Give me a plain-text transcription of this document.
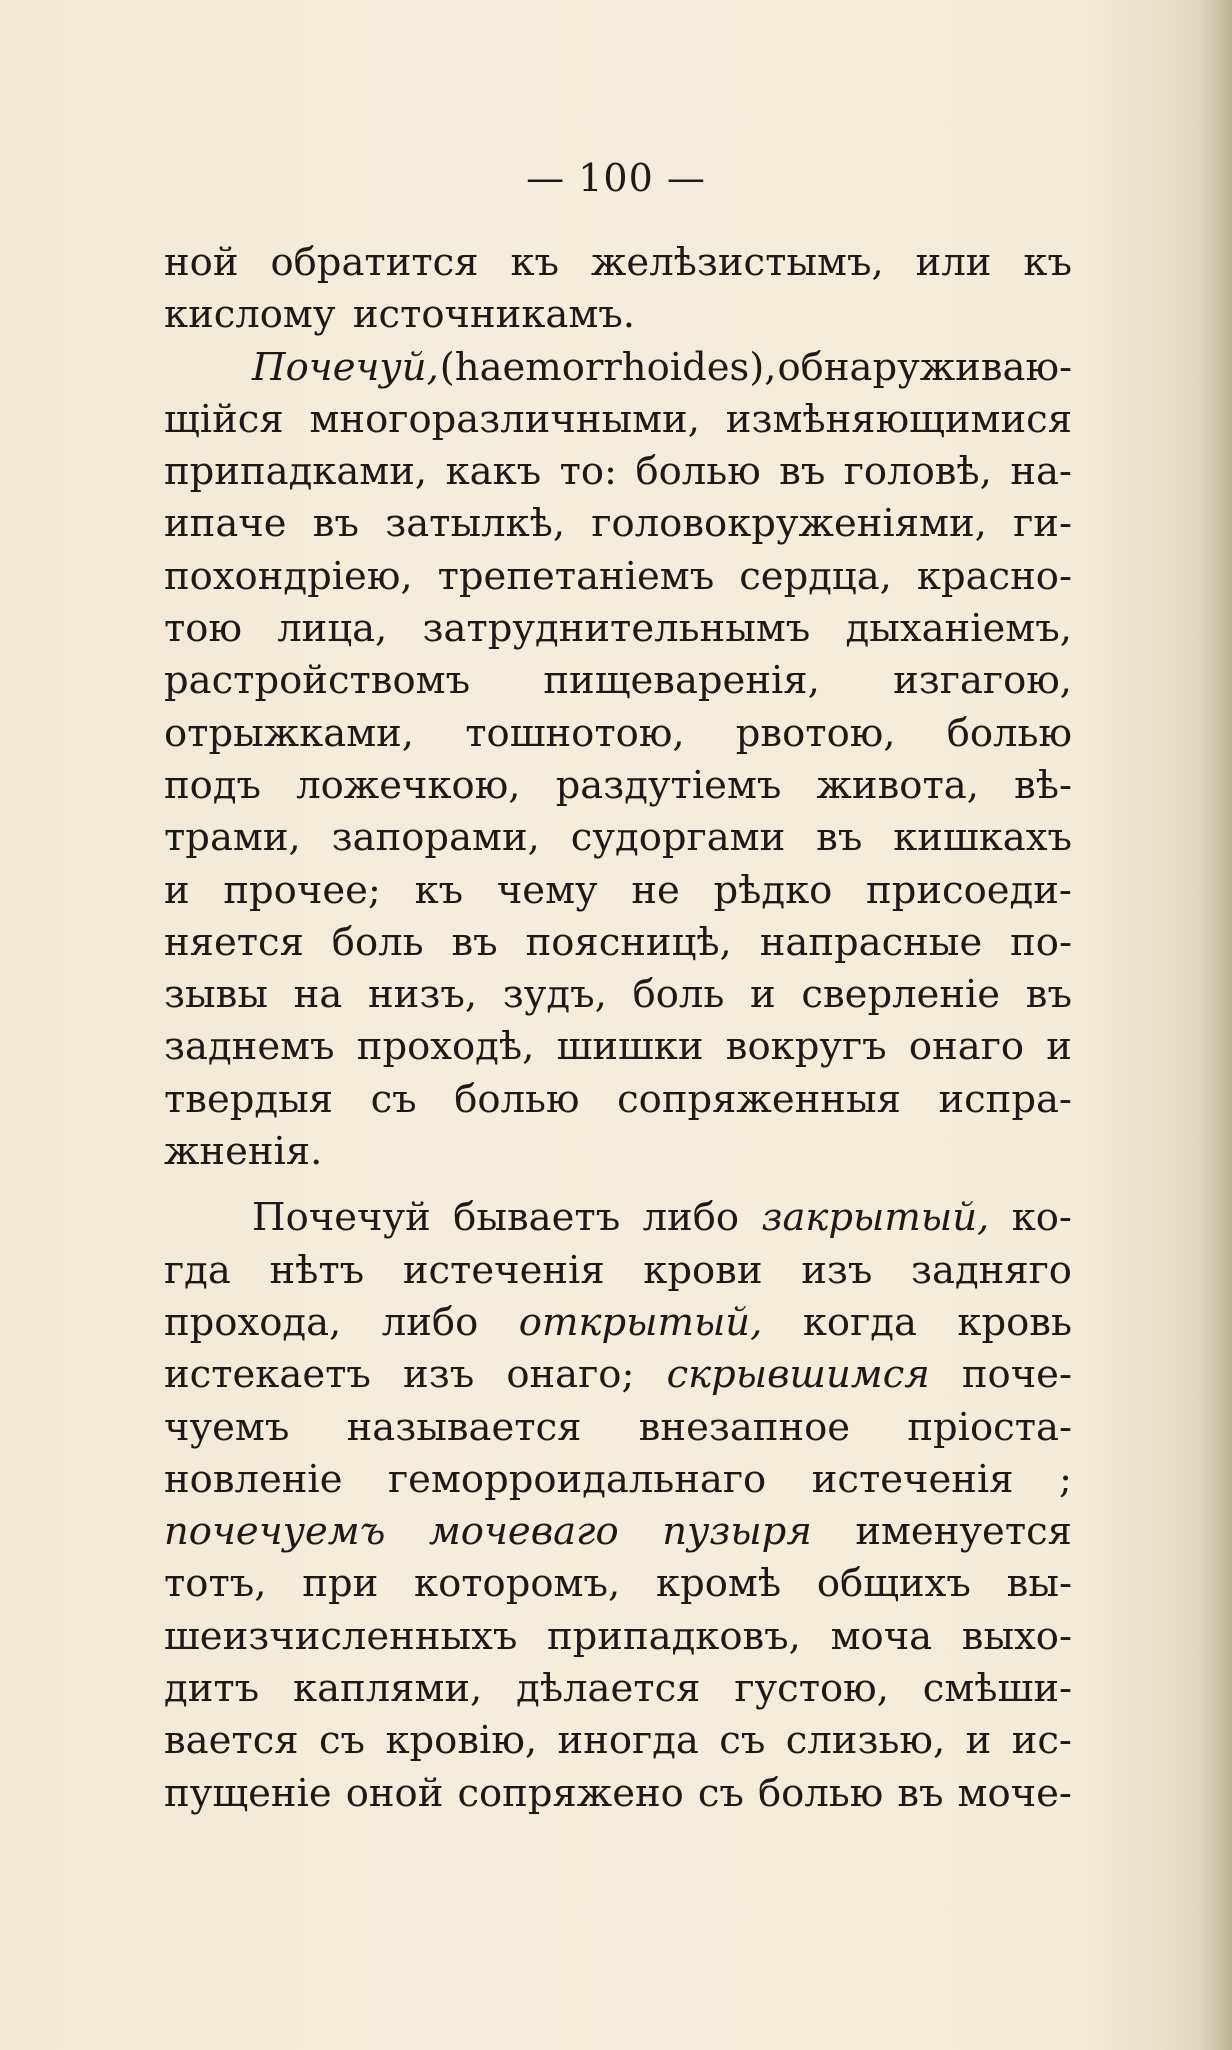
— 100 —
ной обратится къ желѣзистымъ, или къ
кислому источникамъ.
Почечуй, (haemorrhoides), обнаруживаю-
щійся многоразличными, измѣняющимися
припадками, какъ то: болью въ головѣ, на-
ипаче въ затылкѣ, головокруженіями, ги-
похондріею, трепетаніемъ сердца, красно-
тою лица, затруднительнымъ дыханіемъ,
растройствомъ пищеваренія, изгагою,
отрыжками, тошнотою, рвотою, болью
подъ ложечкою, раздутіемъ живота, вѣ-
трами, запорами, судоргами въ кишкахъ
и прочее; къ чему не рѣдко присоеди-
няется боль въ поясницѣ, напрасные по-
зывы на низъ, зудъ, боль и сверленіе въ
заднемъ проходѣ, шишки вокругъ онаго и
твердыя съ болью сопряженныя испра-
жненія.
Почечуй бываетъ либо закрытый, ко-
гда нѣтъ истеченія крови изъ задняго
прохода, либо открытый, когда кровь
истекаетъ изъ онаго; скрывшимся поче-
чуемъ называется внезапное пріоста-
новленіе геморроидальнаго истеченія ;
почечуемъ мочеваго пузыря именуется
тотъ, при которомъ, кромѣ общихъ вы-
шеизчисленныхъ припадковъ, моча выхо-
дитъ каплями, дѣлается густою, смѣши-
вается съ кровію, иногда съ слизью, и ис-
пущеніе оной сопряжено съ болью въ моче-
